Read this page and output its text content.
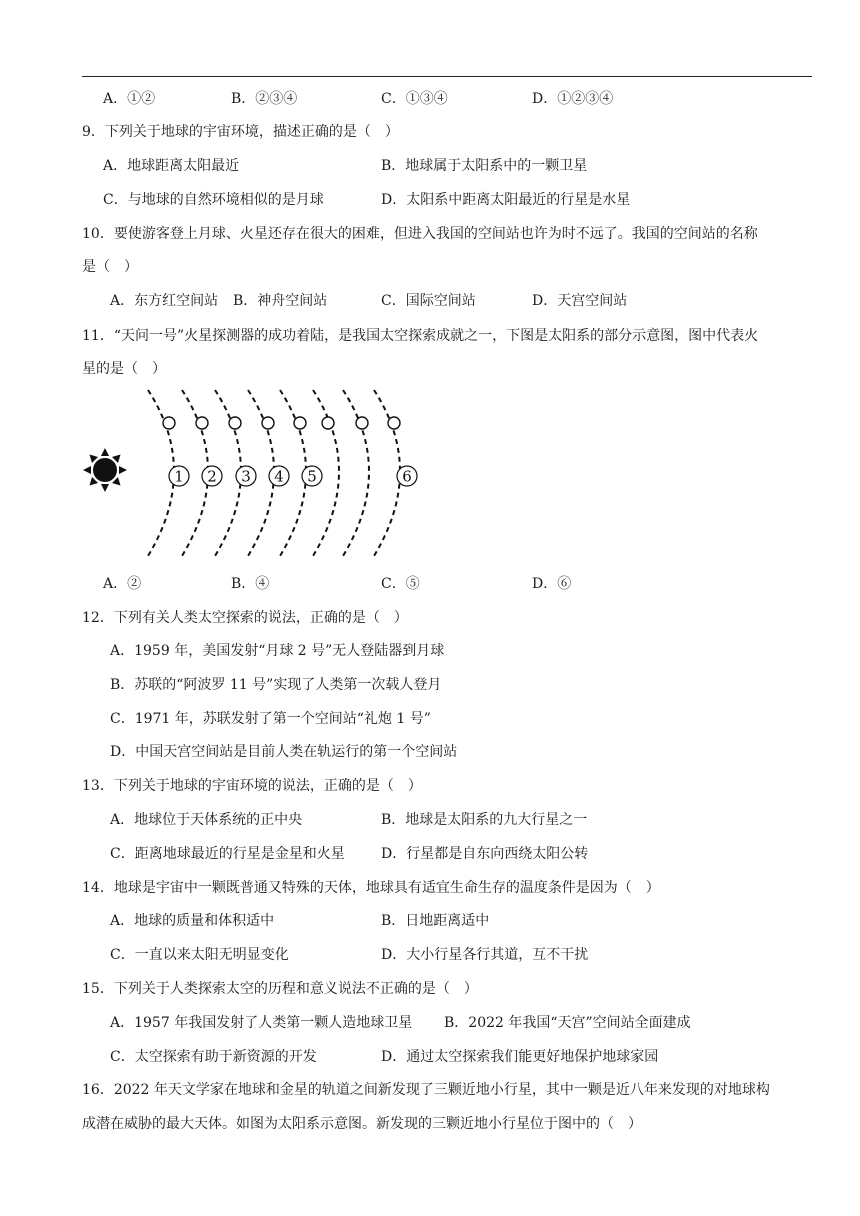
A．①②	B．②③④	C．①③④	D．①②③④
9．下列关于地球的宇宙环境，描述正确的是（　）
A．地球距离太阳最近	B．地球属于太阳系中的一颗卫星
C．与地球的自然环境相似的是月球	D．太阳系中距离太阳最近的行星是水星
10．要使游客登上月球、火星还存在很大的困难，但进入我国的空间站也许为时不远了。我国的空间站的名称
是（　）
A．东方红空间站 B．神舟空间站	C．国际空间站	D．天宫空间站
11．“天问一号”火星探测器的成功着陆，是我国太空探索成就之一，下图是太阳系的部分示意图，图中代表火
星的是（　）
1 2 3 4 5	6
A．②	B．④	C．⑤	D．⑥
12．下列有关人类太空探索的说法，正确的是（　）
A．1959 年，美国发射“月球 2 号”无人登陆器到月球
B．苏联的“阿波罗 11 号”实现了人类第一次载人登月
C．1971 年，苏联发射了第一个空间站“礼炮 1 号”
D．中国天宫空间站是目前人类在轨运行的第一个空间站
13．下列关于地球的宇宙环境的说法，正确的是（　）
A．地球位于天体系统的正中央	B．地球是太阳系的九大行星之一
C．距离地球最近的行星是金星和火星	D．行星都是自东向西绕太阳公转
14．地球是宇宙中一颗既普通又特殊的天体，地球具有适宜生命生存的温度条件是因为（　）
A．地球的质量和体积适中	B．日地距离适中
C．一直以来太阳无明显变化	D．大小行星各行其道，互不干扰
15．下列关于人类探索太空的历程和意义说法不正确的是（　）
A．1957 年我国发射了人类第一颗人造地球卫星 B．2022 年我国“天宫”空间站全面建成
C．太空探索有助于新资源的开发	D．通过太空探索我们能更好地保护地球家园
16．2022 年天文学家在地球和金星的轨道之间新发现了三颗近地小行星，其中一颗是近八年来发现的对地球构
成潜在威胁的最大天体。如图为太阳系示意图。新发现的三颗近地小行星位于图中的（　）
